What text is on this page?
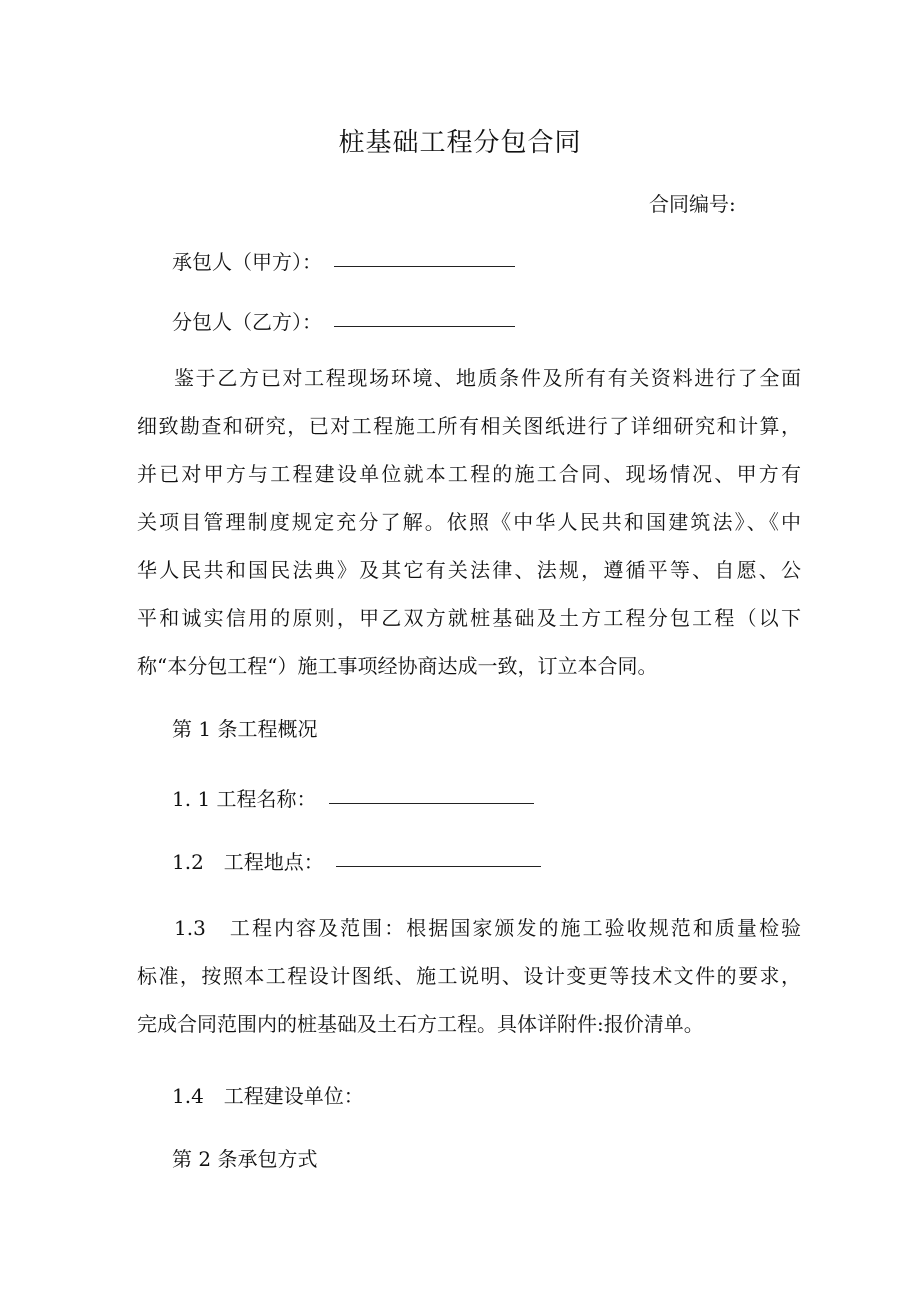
桩基础工程分包合同
合同编号:
承包人（甲方）：
分包人（乙方）：
鉴于乙方已对工程现场环境、地质条件及所有有关资料进行了全面
细致勘查和研究，已对工程施工所有相关图纸进行了详细研究和计算，
并已对甲方与工程建设单位就本工程的施工合同、现场情况、甲方有
关项目管理制度规定充分了解。依照《中华人民共和国建筑法》、《中
华人民共和国民法典》及其它有关法律、法规，遵循平等、自愿、公
平和诚实信用的原则，甲乙双方就桩基础及土方工程分包工程（以下
称“本分包工程“）施工事项经协商达成一致，订立本合同。
第 1 条工程概况
1. 1 工程名称：
1.2　工程地点：
1.3　工程内容及范围：根据国家颁发的施工验收规范和质量检验
标准，按照本工程设计图纸、施工说明、设计变更等技术文件的要求，
完成合同范围内的桩基础及土石方工程。具体详附件:报价清单。
1.4　工程建设单位：
第 2 条承包方式
